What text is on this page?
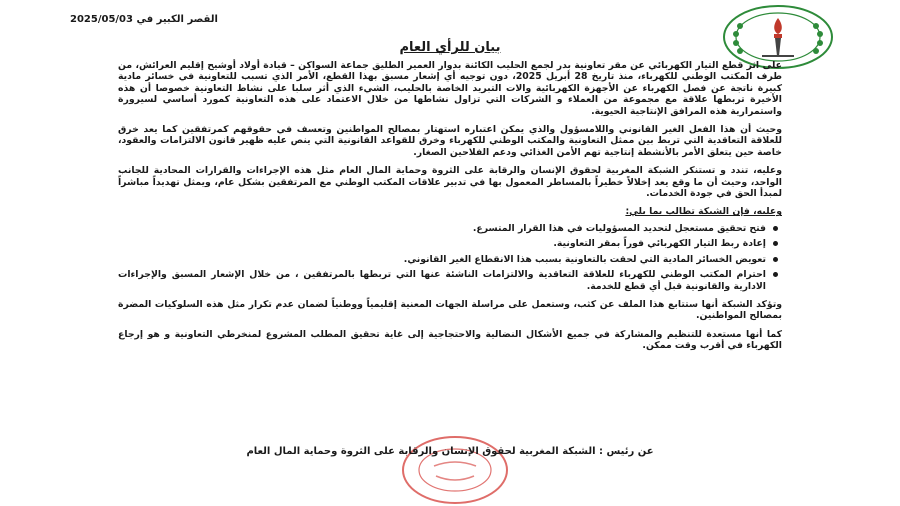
القصر الكبير في 2025/05/03
بيان للرأي العام

على اثر قطع التيار الكهربائي عن مقر تعاونية بدر لجمع الحليب الكائنة بدوار العمير الطليق جماعة السواكن – قيادة أولاد أوشيح إقليم العرائش، من طرف المكتب الوطني للكهرباء، منذ تاريخ 28 أبريل 2025، دون توجيه أي إشعار مسبق بهذا القطع، الأمر الذي تسبب للتعاونية في خسائر مادية كبيرة ناتجة عن فصل الكهرباء عن الأجهزة الكهربائية والات التبريد الخاصة بالحليب، الشيء الذي أثر سلبا على نشاط التعاونية خصوصا أن هذه الأخيرة تربطها علاقة مع مجموعة من العملاء و الشركات التي تزاول نشاطها من خلال الاعتماد على هذه التعاونية كمورد أساسي لسيرورة واستمرارية هذه المرافق الإنتاجية الحيوية.

وحيث أن هذا الفعل الغير القانوني واللامسؤول والذي يمكن اعتباره استهتار بمصالح المواطنين وتعسف في حقوقهم كمرتفقين كما يعد خرق للعلاقة التعاقدية التي تربط بين ممثل التعاونية والمكتب الوطني للكهرباء وخرق للقواعد القانونية التي ينص عليه ظهير قانون الالتزامات والعقود، خاصة حين يتعلق الأمر بالأنشطة إنتاجية تهم الأمن الغذائي ودعم الفلاحين الصغار.

وعليه، تندد و تستنكر الشبكة المغربية لحقوق الإنسان والرقابة على الثروة وحماية المال العام مثل هذه الإجراءات والقرارات المحادية للجانب الواحد، وحيث أن ما وقع يعد إخلالاً خطيراً بالمساطر المعمول بها في تدبير علاقات المكتب الوطني مع المرتفقين بشكل عام، ويمثل تهديداً مباشراً لمبدأ الحق في جودة الخدمات.

وعليه، فإن الشبكة تطالب بما يلي:
فتح تحقيق مستعجل لتحديد المسؤوليات في هذا القرار المتسرع.
إعادة ربط التيار الكهربائي فوراً بمقر التعاونية.
تعويض الخسائر المادية التي لحقت بالتعاونية بسبب هذا الانقطاع الغير القانوني.
احترام المكتب الوطني للكهرباء للعلاقة التعاقدية والالتزامات الناشئة عنها التي تربطها بالمرتفقين ، من خلال الإشعار المسبق والإجراءات الادارية والقانونية قبل أي قطع للخدمة.

وتؤكد الشبكة أنها ستتابع هذا الملف عن كثب، وستعمل على مراسلة الجهات المعنية إقليمياً ووطنياً لضمان عدم تكرار مثل هذه السلوكيات المضرة بمصالح المواطنين.

كما أنها مستعدة للتنظيم والمشاركة في جميع الأشكال النضالية والاحتجاجية إلى غاية تحقيق المطلب المشروع لمنخرطي التعاونية و هو إرجاع الكهرباء في أقرب وقت ممكن.

عن رئيس : الشبكة المغربية لحقوق الإنسان والرقابة على الثروة وحماية المال العام
